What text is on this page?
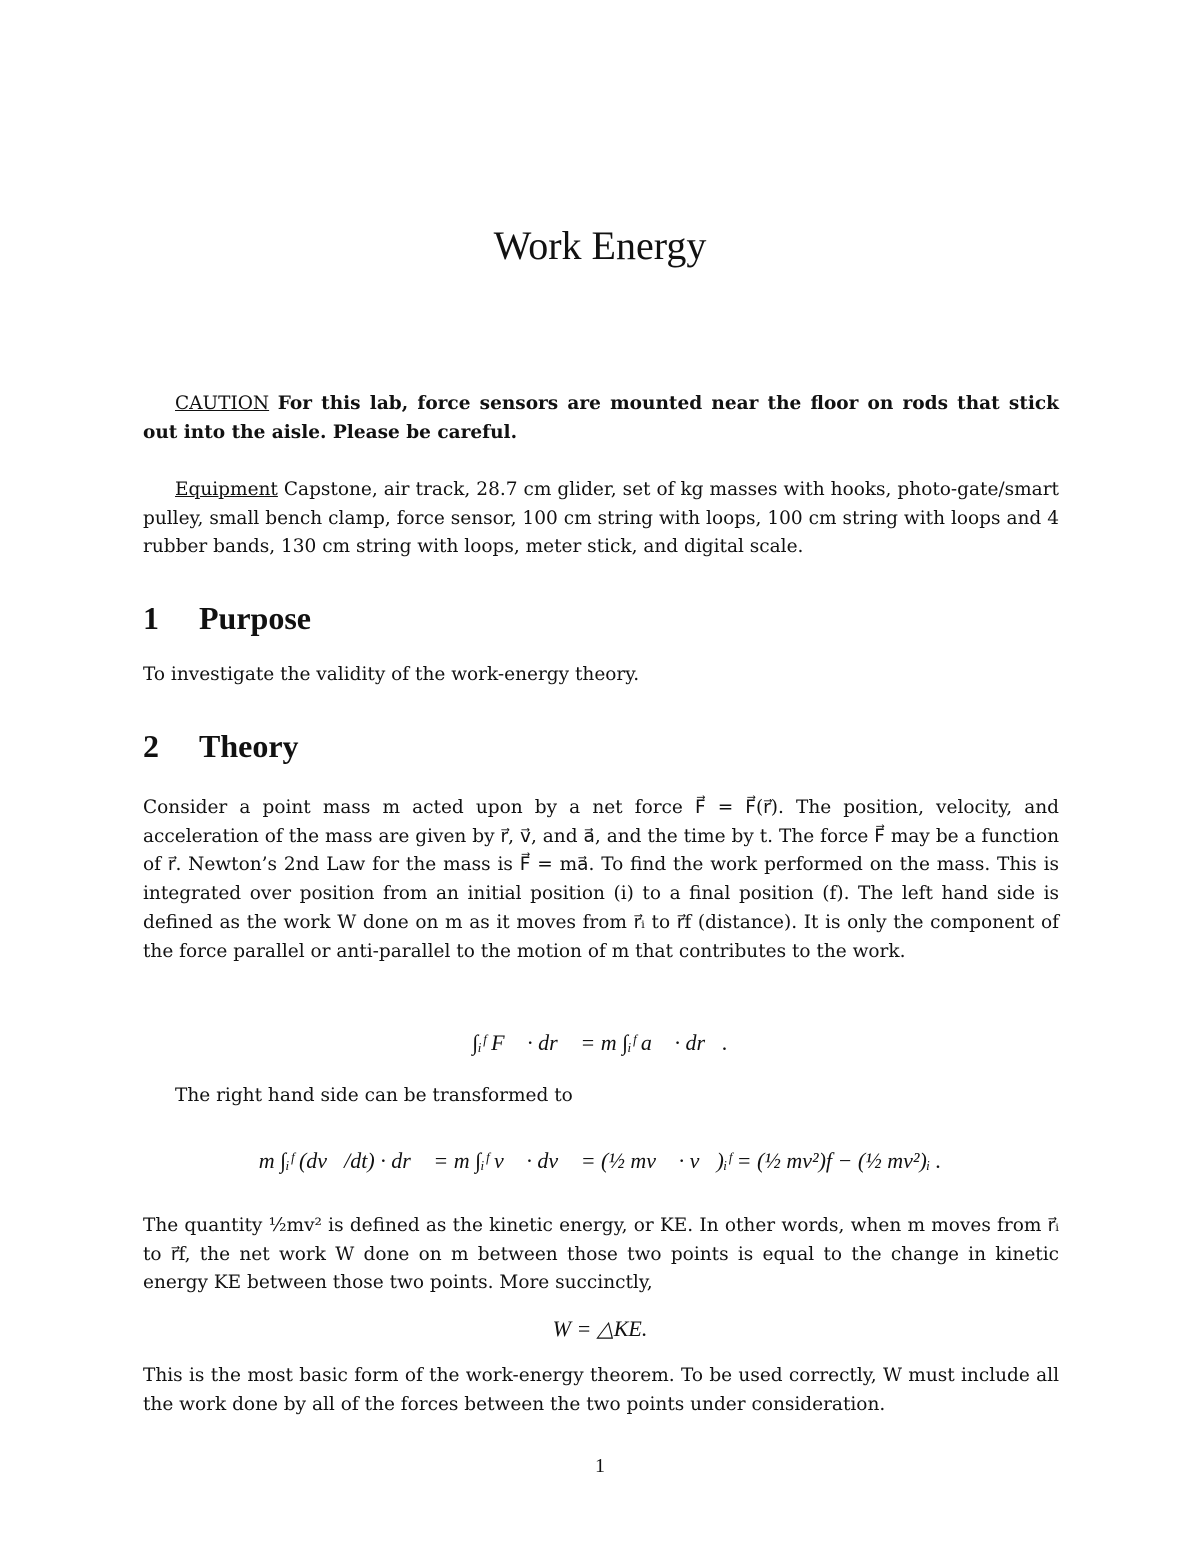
Work Energy

CAUTION For this lab, force sensors are mounted near the floor on rods that stick out into the aisle. Please be careful.

Equipment Capstone, air track, 28.7 cm glider, set of kg masses with hooks, photo-gate/smart pulley, small bench clamp, force sensor, 100 cm string with loops, 100 cm string with loops and 4 rubber bands, 130 cm string with loops, meter stick, and digital scale.

1 Purpose

To investigate the validity of the work-energy theory.

2 Theory

Consider a point mass m acted upon by a net force F⃗ = F⃗(r⃗). The position, velocity, and acceleration of the mass are given by r⃗, v⃗, and a⃗, and the time by t. The force F⃗ may be a function of r⃗. Newton’s 2nd Law for the mass is F⃗ = ma⃗. To find the work performed on the mass. This is integrated over position from an initial position (i) to a final position (f). The left hand side is defined as the work W done on m as it moves from r⃗ᵢ to r⃗f (distance). It is only the component of the force parallel or anti-parallel to the motion of m that contributes to the work.

∫ᵢᶠ F⃗ · dr⃗ = m ∫ᵢᶠ a⃗ · dr⃗.

The right hand side can be transformed to

m ∫ᵢᶠ (dv⃗/dt) · dr⃗ = m ∫ᵢᶠ v⃗ · dv⃗ = (½ mv⃗ · v⃗)ᵢᶠ = (½ mv²)f − (½ mv²)ᵢ .

The quantity ½mv² is defined as the kinetic energy, or KE. In other words, when m moves from r⃗ᵢ to r⃗f, the net work W done on m between those two points is equal to the change in kinetic energy KE between those two points. More succinctly,

W = △KE.

This is the most basic form of the work-energy theorem. To be used correctly, W must include all the work done by all of the forces between the two points under consideration.

1
